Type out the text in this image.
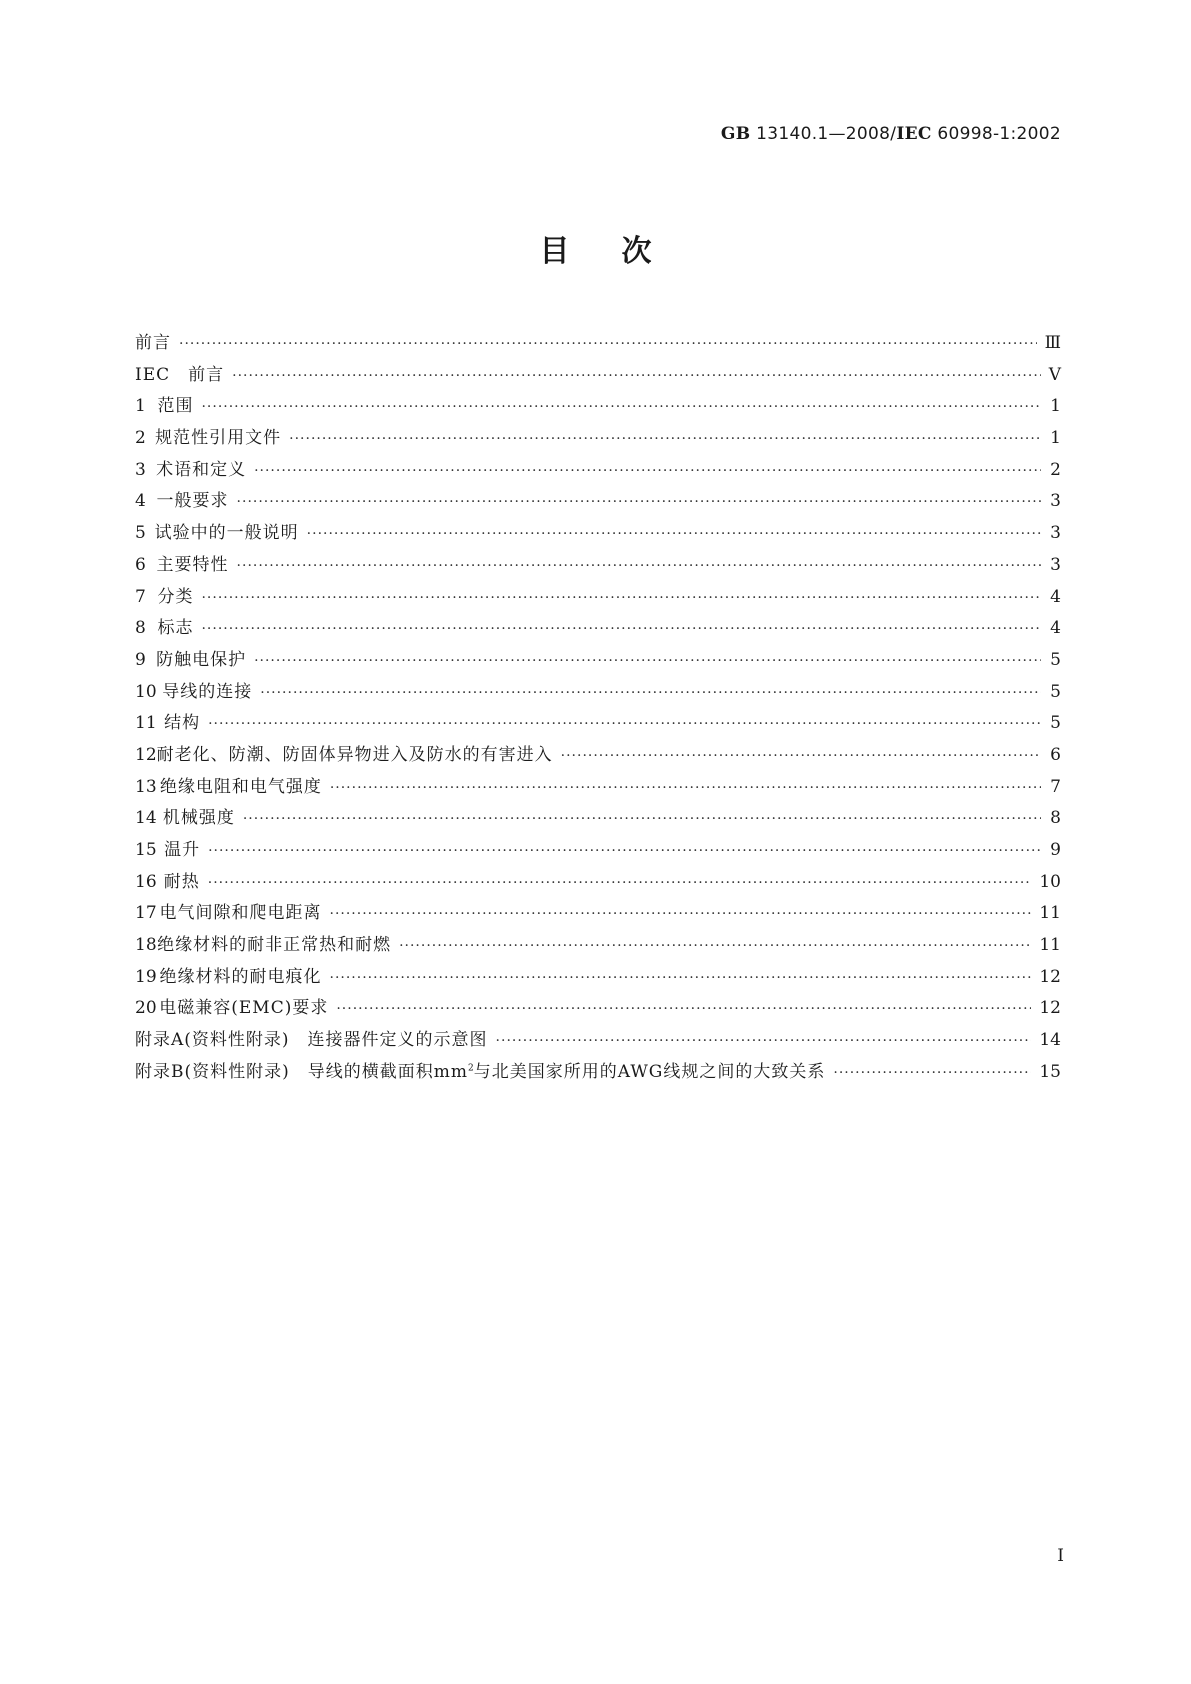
GB 13140.1—2008/IEC 60998-1:2002
目次
前言 ·····	Ⅲ
IEC　前言 ·····	Ⅴ
1 范围 ·····	1
2 规范性引用文件 ·····	1
3 术语和定义 ·····	2
4 一般要求 ·····	3
5 试验中的一般说明 ·····	3
6 主要特性 ·····	3
7 分类 ·····	4
8 标志 ·····	4
9 防触电保护 ·····	5
10 导线的连接 ·····	5
11 结构 ·····	5
12 耐老化、防潮、防固体异物进入及防水的有害进入 ·····	6
13 绝缘电阻和电气强度 ·····	7
14 机械强度 ·····	8
15 温升 ·····	9
16 耐热 ·····	10
17 电气间隙和爬电距离 ·····	11
18 绝缘材料的耐非正常热和耐燃 ·····	11
19 绝缘材料的耐电痕化 ·····	12
20 电磁兼容(EMC)要求 ·····	12
附录A(资料性附录)　连接器件定义的示意图 ·····	14
附录B(资料性附录)　导线的横截面积$mm^2$与北美国家所用的AWG线规之间的大致关系 ·····	15
I
